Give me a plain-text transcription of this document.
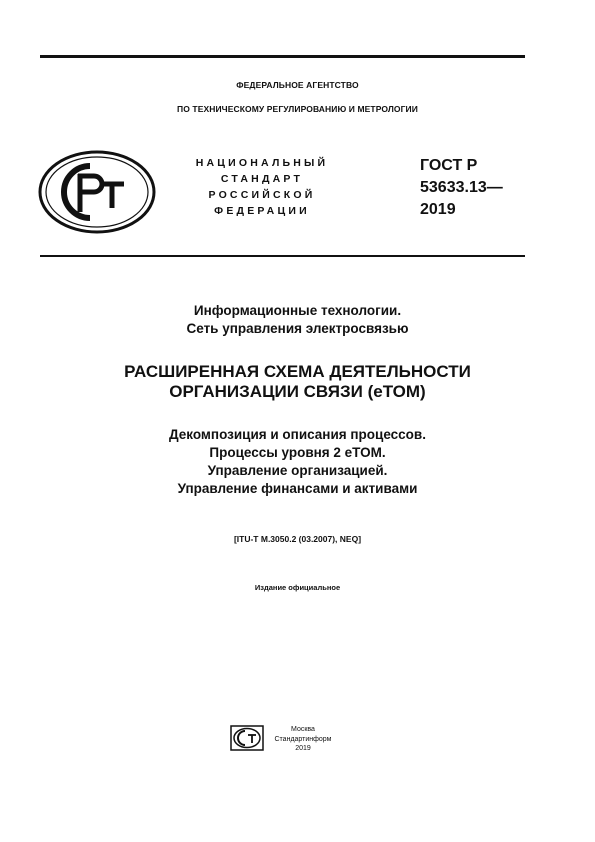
ФЕДЕРАЛЬНОЕ АГЕНТСТВО
ПО ТЕХНИЧЕСКОМУ РЕГУЛИРОВАНИЮ И МЕТРОЛОГИИ
НАЦИОНАЛЬНЫЙ
СТАНДАРТ
РОССИЙСКОЙ
ФЕДЕРАЦИИ
ГОСТ Р
53633.13—
2019
Информационные технологии.
Сеть управления электросвязью
РАСШИРЕННАЯ СХЕМА ДЕЯТЕЛЬНОСТИ
ОРГАНИЗАЦИИ СВЯЗИ (еТОМ)
Декомпозиция и описания процессов.
Процессы уровня 2 еТОМ.
Управление организацией.
Управление финансами и активами
[ITU-T M.3050.2 (03.2007), NEQ]
Издание официальное
Москва
Стандартинформ
2019
